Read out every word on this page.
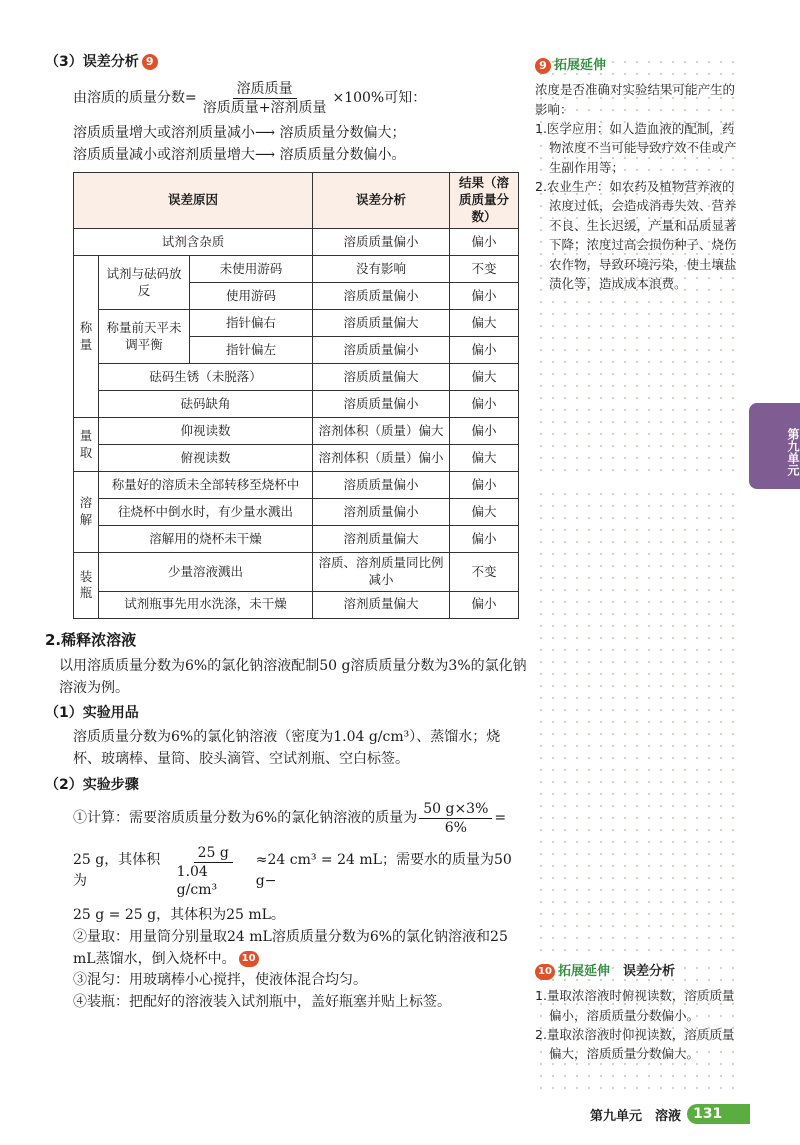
（3）误差分析 9
由溶质的质量分数= $\frac{\text{溶质质量}}{\text{溶质质量+溶剂质量}} \times 100\%$可知：

溶质质量增大或溶剂质量减小⟶ 溶质质量分数偏大；

溶质质量减小或溶剂质量增大⟶ 溶质质量分数偏小。

误差原因			误差分析	结果（溶质质量分数）
试剂含杂质			溶质质量偏小	偏小
称量	试剂与砝码放反	未使用游码	没有影响	不变
		使用游码	溶质质量偏小	偏小
	称量前天平未调平衡	指针偏右	溶质质量偏大	偏大
		指针偏左	溶质质量偏小	偏小
	砝码生锈（未脱落）		溶质质量偏大	偏大
	砝码缺角		溶质质量偏小	偏小
量取	仰视读数		溶剂体积（质量）偏大	偏小
	俯视读数		溶剂体积（质量）偏小	偏大
溶解	称量好的溶质未全部转移至烧杯中		溶质质量偏小	偏小
	往烧杯中倒水时，有少量水溅出		溶剂质量偏小	偏大
	溶解用的烧杯未干燥		溶剂质量偏大	偏小
装瓶	少量溶液溅出		溶质、溶剂质量同比例减小	不变
	试剂瓶事先用水洗涤，未干燥		溶剂质量偏大	偏小
2.稀释浓溶液

以用溶质质量分数为6%的氯化钠溶液配制50 g溶质质量分数为3%的氯化钠溶液为例。

（1）实验用品

溶质质量分数为6%的氯化钠溶液（密度为1.04 g/cm³）、蒸馏水；烧杯、玻璃棒、量筒、胶头滴管、空试剂瓶、空白标签。

（2）实验步骤
①计算：需要溶质质量分数为6%的氯化钠溶液的质量为 $\frac{50 g\times 3\%}{6\%}$ =
25 g，其体积为	$\frac{25 g}{\text{1.04 g/cm³}} \approx 24$ cm³ = 24 mL；需要水的质量为50 g−

25 g = 25 g，其体积为25 mL。

②量取：用量筒分别量取24 mL溶质质量分数为6%的氯化钠溶液和25 mL蒸馏水，倒入烧杯中。 10

③混匀：用玻璃棒小心搅拌，使液体混合均匀。

④装瓶：把配好的溶液装入试剂瓶中，盖好瓶塞并贴上标签。

9 拓展延伸

浓度是否准确对实验结果可能产生的影响：

1.医学应用：如人造血液的配制，药物浓度不当可能导致疗效不佳或产生副作用等；
2.农业生产：如农药及植物营养液的浓度过低，会造成消毒失效、营养不良、生长迟缓，产量和品质显著下降；浓度过高会损伤种子、烧伤农作物，导致环境污染，使土壤盐渍化等，造成成本浪费。
10 拓展延伸　 误差分析
1.量取浓溶液时俯视读数，溶质质量偏小，溶质质量分数偏小。
2.量取浓溶液时仰视读数，溶质质量偏大，溶质质量分数偏大。
第九单元
第九单元　溶液 131
